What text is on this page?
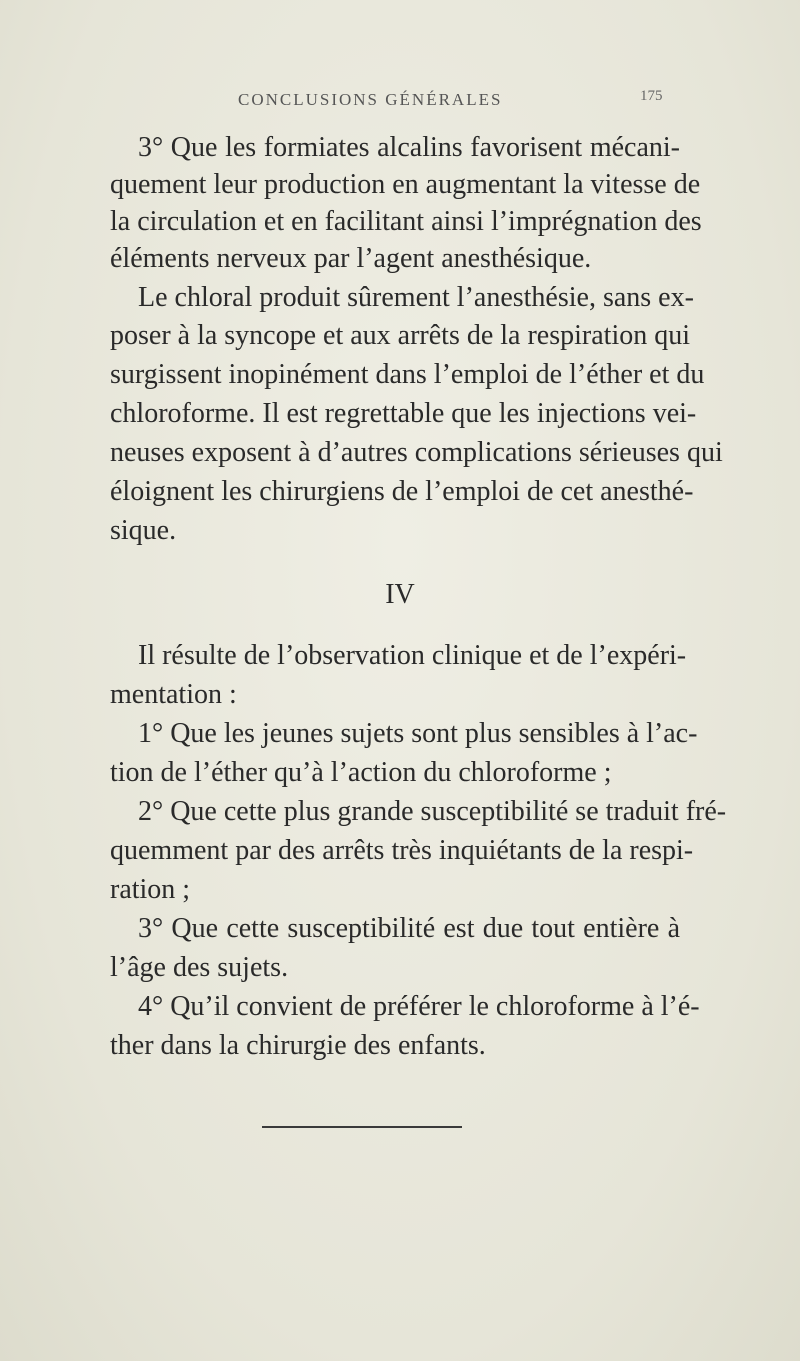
CONCLUSIONS GÉNÉRALES	175
3° Que les formiates alcalins favorisent mécani-
quement leur production en augmentant la vitesse de
la circulation et en facilitant ainsi l’imprégnation des
éléments nerveux par l’agent anesthésique.
Le chloral produit sûrement l’anesthésie, sans ex-
poser à la syncope et aux arrêts de la respiration qui
surgissent inopinément dans l’emploi de l’éther et du
chloroforme. Il est regrettable que les injections vei-
neuses exposent à d’autres complications sérieuses qui
éloignent les chirurgiens de l’emploi de cet anesthé-
sique.
IV
Il résulte de l’observation clinique et de l’expéri-
mentation :
1° Que les jeunes sujets sont plus sensibles à l’ac-
tion de l’éther qu’à l’action du chloroforme ;
2° Que cette plus grande susceptibilité se traduit fré-
quemment par des arrêts très inquiétants de la respi-
ration ;
3° Que cette susceptibilité est due tout entière à
l’âge des sujets.
4° Qu’il convient de préférer le chloroforme à l’é-
ther dans la chirurgie des enfants.
